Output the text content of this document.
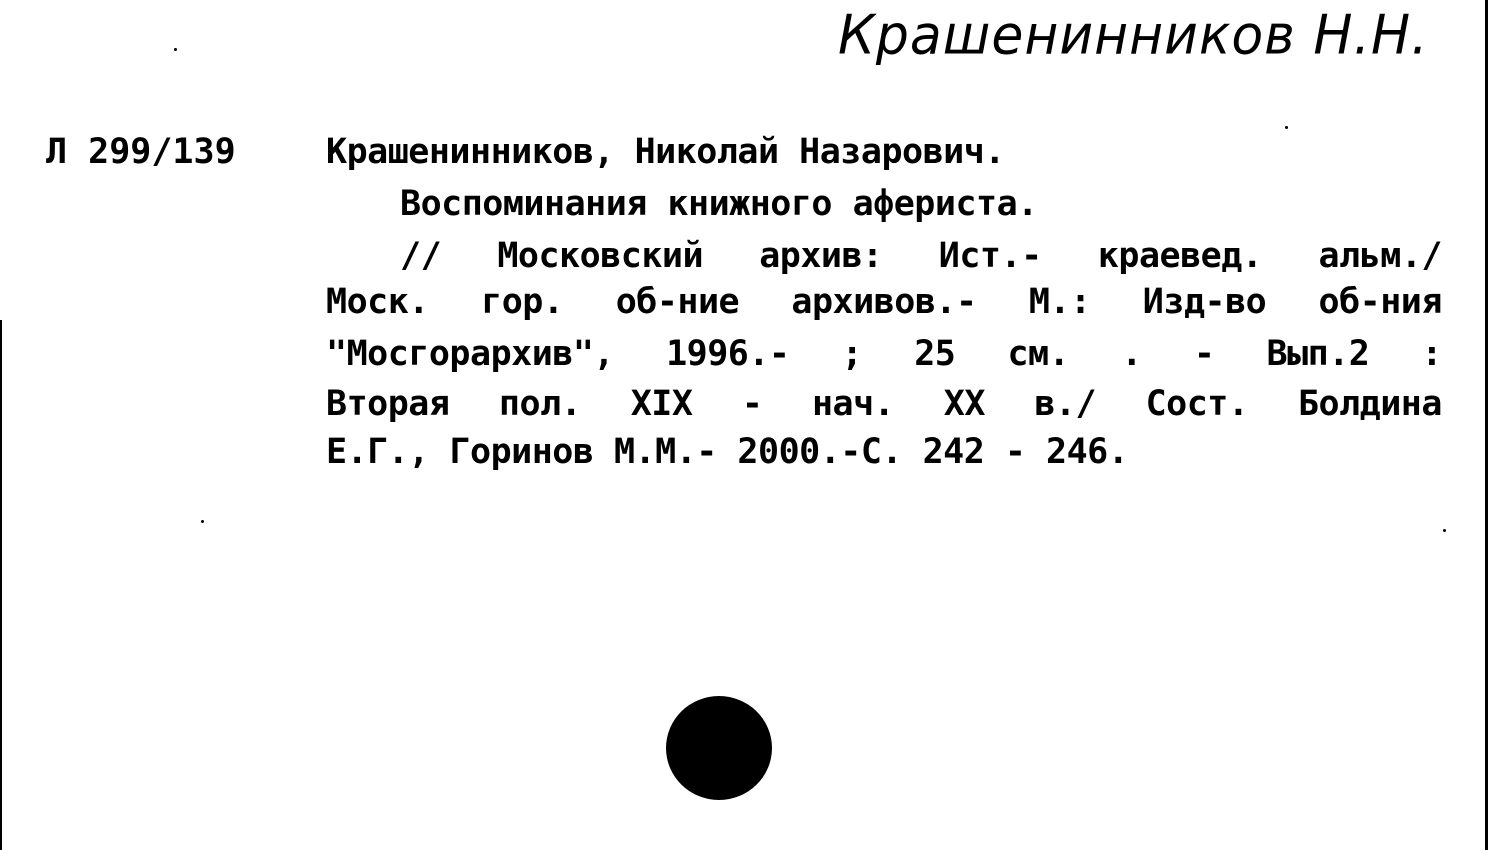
Крашенинников Н.Н.
Л 299/139	Крашенинников, Николай Назарович.
Воспоминания книжного афериста.
// Московский архив: Ист.- краевед. альм./
Моск. гор. об-ние архивов.- М.: Изд-во об-ния
"Мосгорархив", 1996.- ; 25 см. . - Вып.2 :
Вторая пол. XIX - нач. XX в./ Сост. Болдина
Е.Г., Горинов М.М.- 2000.-С. 242 - 246.
